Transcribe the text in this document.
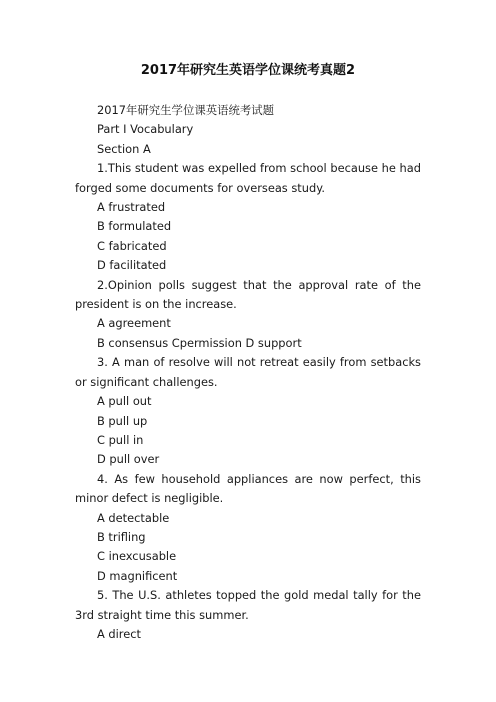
2017年研究生英语学位课统考真题2

2017年研究生学位课英语统考试题

Part I Vocabulary

Section A

1.This student was expelled from school because he had forged some documents for overseas study.

A frustrated

B formulated

C fabricated

D facilitated

2.Opinion polls suggest that the approval rate of the president is on the increase.

A agreement

B consensus Cpermission D support

3. A man of resolve will not retreat easily from setbacks or significant challenges.

A pull out

B pull up

C pull in

D pull over

4. As few household appliances are now perfect, this minor defect is negligible.

A detectable

B trifling

C inexcusable

D magnificent

5. The U.S. athletes topped the gold medal tally for the 3rd straight time this summer.

A direct
